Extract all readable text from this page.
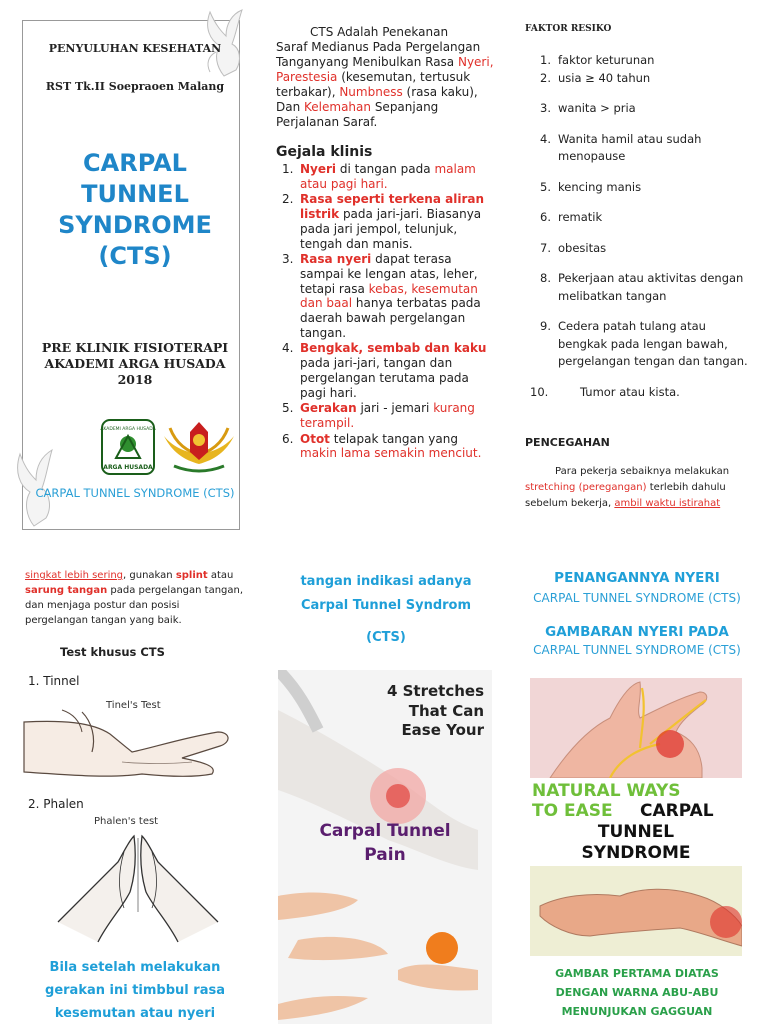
PENYULUHAN KESEHATAN
RST Tk.II Soepraoen Malang
CARPAL
TUNNEL
SYNDROME
(CTS)
PRE KLINIK FISIOTERAPI
AKADEMI ARGA HUSADA
2018
AKADEMI ARGA HUSADA
ARGA HUSADA
CARPAL TUNNEL SYNDROME (CTS)
CTS Adalah Penekanan
Saraf Medianus Pada Pergelangan Tanganyang Menibulkan Rasa Nyeri, Parestesia (kesemutan, tertusuk terbakar), Numbness (rasa kaku), Dan Kelemahan Sepanjang Perjalanan Saraf.
Gejala klinis
1. Nyeri di tangan pada malam atau pagi hari.
2. Rasa seperti terkena aliran listrik pada jari-jari. Biasanya pada jari jempol, telunjuk, tengah dan manis.
3. Rasa nyeri dapat terasa sampai ke lengan atas, leher, tetapi rasa kebas, kesemutan dan baal hanya terbatas pada daerah bawah pergelangan tangan.
4. Bengkak, sembab dan kaku pada jari-jari, tangan dan pergelangan terutama pada pagi hari.
5. Gerakan jari - jemari kurang terampil.
6. Otot telapak tangan yang makin lama semakin menciut.
FAKTOR RESIKO
1. faktor keturunan
2. usia ≥ 40 tahun
3. wanita > pria
4. Wanita hamil atau sudah menopause
5. kencing manis
6. rematik
7. obesitas
8. Pekerjaan atau aktivitas dengan melibatkan tangan
9. Cedera patah tulang atau bengkak pada lengan bawah, pergelangan tengan dan tangan.
10.	Tumor atau kista.
PENCEGAHAN
Para pekerja sebaiknya melakukan stretching (peregangan) terlebih dahulu sebelum bekerja, ambil waktu istirahat
singkat lebih sering, gunakan splint atau sarung tangan pada pergelangan tangan, dan menjaga postur dan posisi pergelangan tangan yang baik.
Test khusus CTS
1. Tinnel
Tinel's Test
2. Phalen
Phalen's test
Bila setelah melakukan gerakan ini timbbul rasa kesemutan atau nyeri
tangan indikasi adanya Carpal Tunnel Syndrom
(CTS)
4 Stretches
That Can
Ease Your
Carpal Tunnel
Pain
PENANGANNYA NYERI
CARPAL TUNNEL SYNDROME (CTS)
GAMBARAN NYERI PADA
CARPAL TUNNEL SYNDROME (CTS)
NATURAL WAYS
TO EASE CARPAL
TUNNEL
SYNDROME
GAMBAR PERTAMA DIATAS DENGAN WARNA ABU-ABU MENUNJUKAN GAGGUAN
